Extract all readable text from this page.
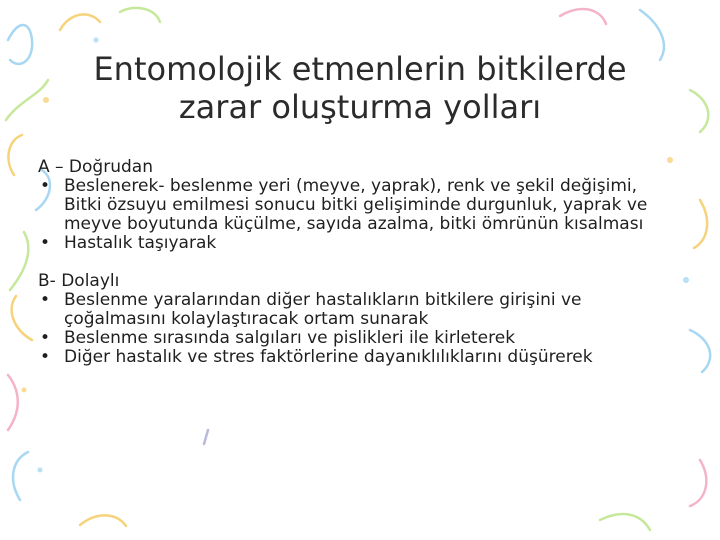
Entomolojik etmenlerin bitkilerde
zarar oluşturma yolları
A – Doğrudan
• Beslenerek- beslenme yeri (meyve, yaprak), renk ve şekil değişimi, Bitki özsuyu emilmesi sonucu bitki gelişiminde durgunluk, yaprak ve meyve boyutunda küçülme, sayıda azalma, bitki ömrünün kısalması
• Hastalık taşıyarak
B- Dolaylı
• Beslenme yaralarından diğer hastalıkların bitkilere girişini ve çoğalmasını kolaylaştıracak ortam sunarak
• Beslenme sırasında salgıları ve pislikleri ile kirleterek
• Diğer hastalık ve stres faktörlerine dayanıklılıklarını düşürerek
